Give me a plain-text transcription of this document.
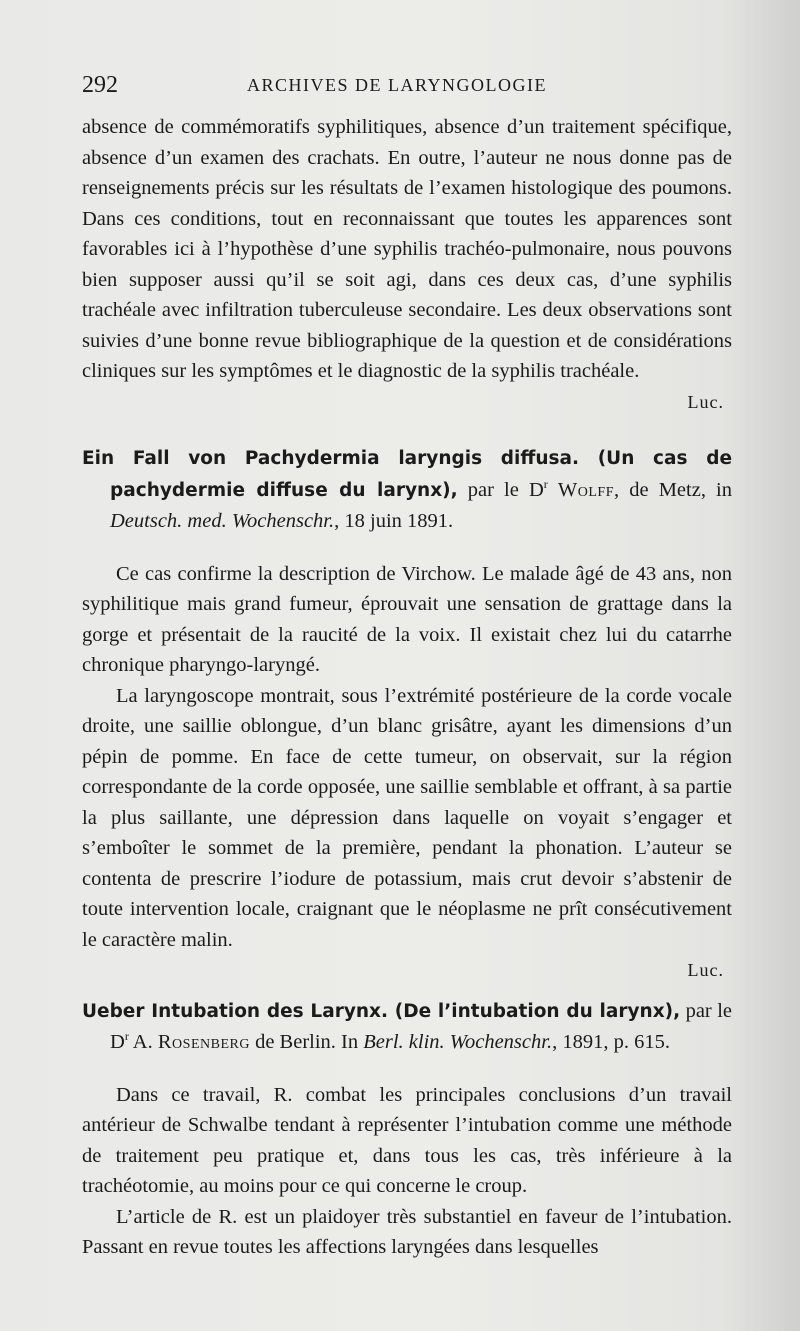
292	ARCHIVES DE LARYNGOLOGIE

absence de commémoratifs syphilitiques, absence d’un traitement spécifique, absence d’un examen des crachats. En outre, l’auteur ne nous donne pas de renseignements précis sur les résultats de l’examen histologique des poumons. Dans ces conditions, tout en reconnaissant que toutes les apparences sont favorables ici à l’hypothèse d’une syphilis trachéo-pulmonaire, nous pouvons bien supposer aussi qu’il se soit agi, dans ces deux cas, d’une syphilis trachéale avec infiltration tuberculeuse secondaire. Les deux observations sont suivies d’une bonne revue bibliographique de la question et de considérations cliniques sur les symptômes et le diagnostic de la syphilis trachéale.

Luc.

Ein Fall von Pachydermia laryngis diffusa. (Un cas de pachydermie diffuse du larynx), par le $D^r$ Wolff, de Metz, in Deutsch. med. Wochenschr., 18 juin 1891.

Ce cas confirme la description de Virchow. Le malade âgé de 43 ans, non syphilitique mais grand fumeur, éprouvait une sensation de grattage dans la gorge et présentait de la raucité de la voix. Il existait chez lui du catarrhe chronique pharyngo-laryngé.

La laryngoscope montrait, sous l’extrémité postérieure de la corde vocale droite, une saillie oblongue, d’un blanc grisâtre, ayant les dimensions d’un pépin de pomme. En face de cette tumeur, on observait, sur la région correspondante de la corde opposée, une saillie semblable et offrant, à sa partie la plus saillante, une dépression dans laquelle on voyait s’engager et s’emboîter le sommet de la première, pendant la phonation. L’auteur se contenta de prescrire l’iodure de potassium, mais crut devoir s’abstenir de toute intervention locale, craignant que le néoplasme ne prît consécutivement le caractère malin.

Luc.

Ueber Intubation des Larynx. (De l’intubation du larynx), par le $D^r$ A. Rosenberg de Berlin. In Berl. klin. Wochenschr., 1891, p. 615.

Dans ce travail, R. combat les principales conclusions d’un travail antérieur de Schwalbe tendant à représenter l’intubation comme une méthode de traitement peu pratique et, dans tous les cas, très inférieure à la trachéotomie, au moins pour ce qui concerne le croup.

L’article de R. est un plaidoyer très substantiel en faveur de l’intubation. Passant en revue toutes les affections laryngées dans lesquelles
